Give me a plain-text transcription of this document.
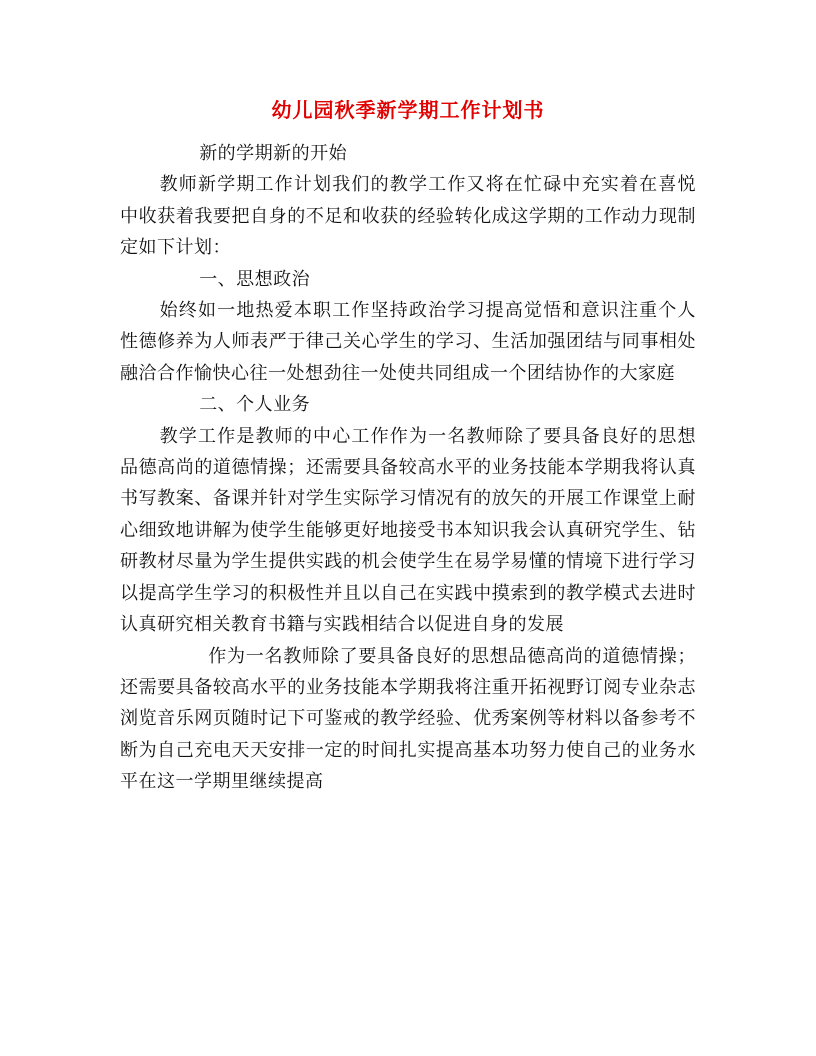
幼儿园秋季新学期工作计划书

新的学期新的开始

教师新学期工作计划我们的教学工作又将在忙碌中充实着在喜悦中收获着我要把自身的不足和收获的经验转化成这学期的工作动力现制定如下计划：

一、思想政治

始终如一地热爱本职工作坚持政治学习提高觉悟和意识注重个人性德修养为人师表严于律己关心学生的学习、生活加强团结与同事相处融洽合作愉快心往一处想劲往一处使共同组成一个团结协作的大家庭

二、个人业务

教学工作是教师的中心工作作为一名教师除了要具备良好的思想品德高尚的道德情操；还需要具备较高水平的业务技能本学期我将认真书写教案、备课并针对学生实际学习情况有的放矢的开展工作课堂上耐心细致地讲解为使学生能够更好地接受书本知识我会认真研究学生、钻研教材尽量为学生提供实践的机会使学生在易学易懂的情境下进行学习以提高学生学习的积极性并且以自己在实践中摸索到的教学模式去进时认真研究相关教育书籍与实践相结合以促进自身的发展

作为一名教师除了要具备良好的思想品德高尚的道德情操；还需要具备较高水平的业务技能本学期我将注重开拓视野订阅专业杂志浏览音乐网页随时记下可鉴戒的教学经验、优秀案例等材料以备参考不断为自己充电天天安排一定的时间扎实提高基本功努力使自己的业务水平在这一学期里继续提高
